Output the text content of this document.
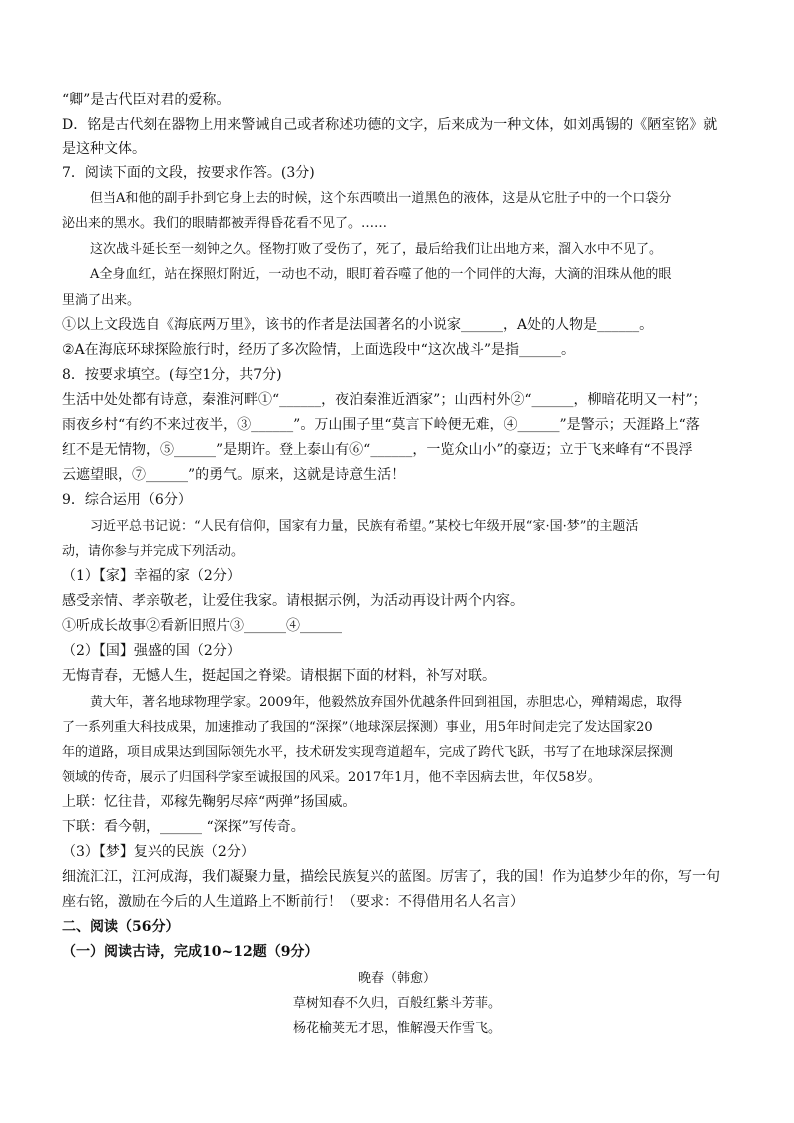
“卿”是古代臣对君的爱称。
D．铭是古代刻在器物上用来警诫自己或者称述功德的文字，后来成为一种文体，如刘禹锡的《陋室铭》就
是这种文体。
7．阅读下面的文段，按要求作答。(3分)
但当A和他的副手扑到它身上去的时候，这个东西喷出一道黑色的液体，这是从它肚子中的一个口袋分
泌出来的黑水。我们的眼睛都被弄得昏花看不见了。……
这次战斗延长至一刻钟之久。怪物打败了受伤了，死了，最后给我们让出地方来，溜入水中不见了。
A全身血红，站在探照灯附近，一动也不动，眼盯着吞噬了他的一个同伴的大海，大滴的泪珠从他的眼
里淌了出来。
①以上文段选自《海底两万里》，该书的作者是法国著名的小说家______，A处的人物是______。
②A在海底环球探险旅行时，经历了多次险情，上面选段中“这次战斗”是指______。
8．按要求填空。(每空1分，共7分)
生活中处处都有诗意，秦淮河畔①“______，夜泊秦淮近酒家”；山西村外②“______，柳暗花明又一村”；
雨夜乡村“有约不来过夜半，③______”。万山围子里“莫言下岭便无难，④______”是警示；天涯路上“落
红不是无情物，⑤______”是期许。登上泰山有⑥“______，一览众山小”的豪迈；立于飞来峰有“不畏浮
云遮望眼，⑦______”的勇气。原来，这就是诗意生活！
9．综合运用（6分）
习近平总书记说：“人民有信仰，国家有力量，民族有希望。”某校七年级开展“家·国·梦”的主题活
动，请你参与并完成下列活动。
（1）【家】幸福的家（2分）
感受亲情、孝亲敬老，让爱住我家。请根据示例，为活动再设计两个内容。
①听成长故事②看新旧照片③______④______
（2）【国】强盛的国（2分）
无悔青春，无憾人生，挺起国之脊梁。请根据下面的材料，补写对联。
黄大年，著名地球物理学家。2009年，他毅然放弃国外优越条件回到祖国，赤胆忠心，殚精竭虑，取得
了一系列重大科技成果，加速推动了我国的“深探”（地球深层探测）事业，用5年时间走完了发达国家20
年的道路，项目成果达到国际领先水平，技术研发实现弯道超车，完成了跨代飞跃，书写了在地球深层探测
领域的传奇，展示了归国科学家至诚报国的风采。2017年1月，他不幸因病去世，年仅58岁。
上联：忆往昔，邓稼先鞠躬尽瘁“两弹”扬国威。
下联：看今朝，______ “深探”写传奇。
（3）【梦】复兴的民族（2分）
细流汇江，江河成海，我们凝聚力量，描绘民族复兴的蓝图。厉害了，我的国！作为追梦少年的你，写一句
座右铭，激励在今后的人生道路上不断前行！（要求：不得借用名人名言）
二、阅读（56分）
（一）阅读古诗，完成10~12题（9分）
晚春（韩愈）
草树知春不久归，百般红紫斗芳菲。
杨花榆荚无才思，惟解漫天作雪飞。
